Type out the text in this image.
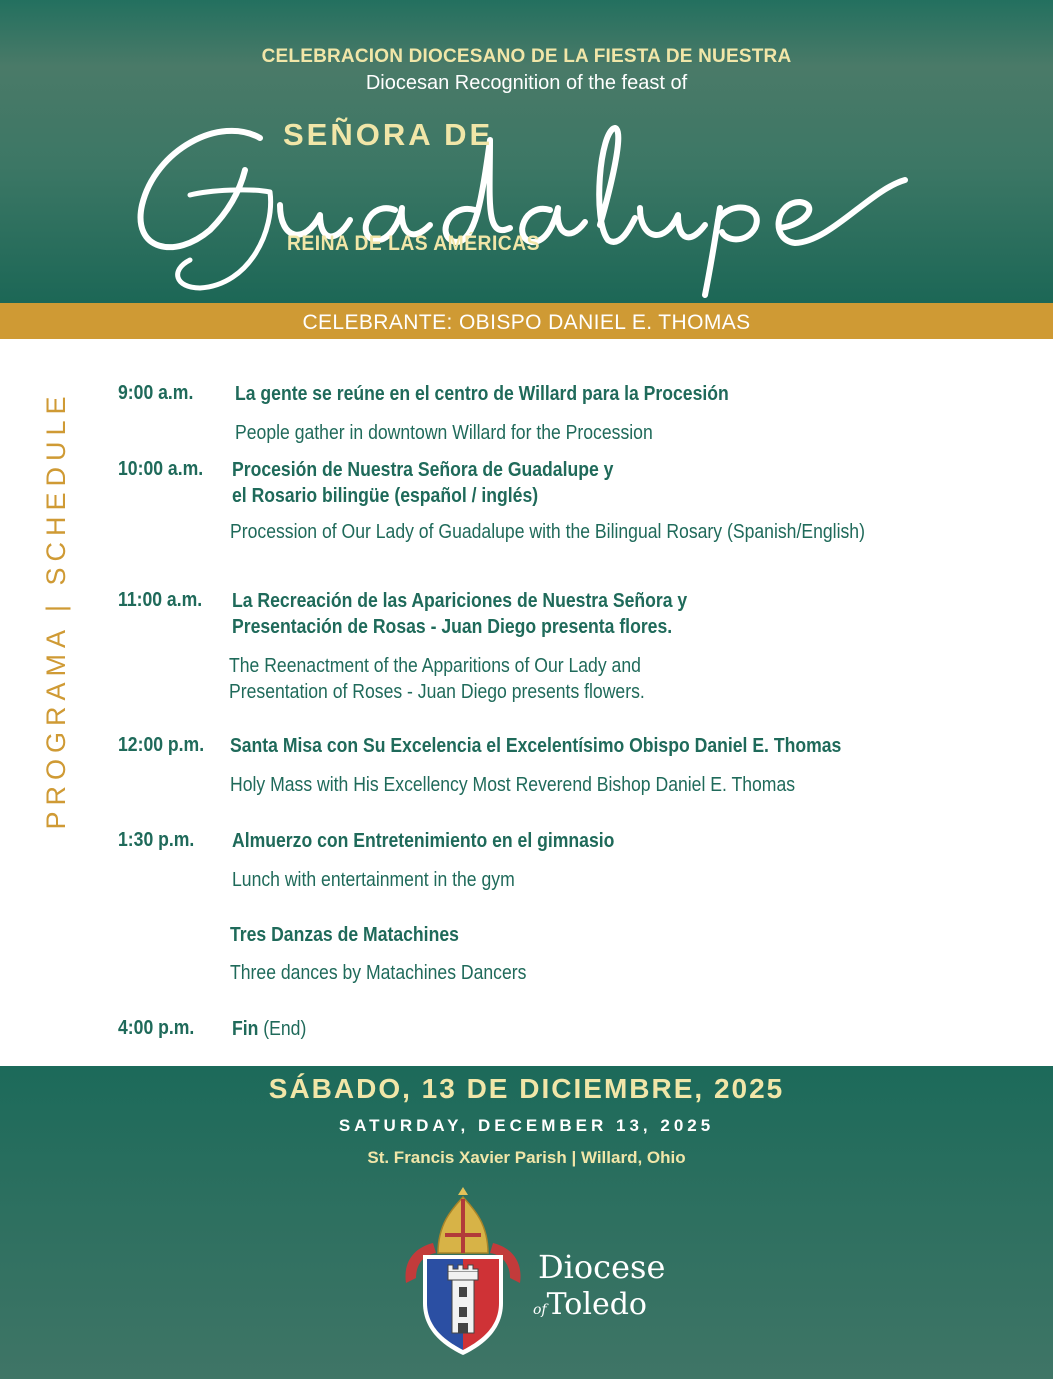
CELEBRACION DIOCESANO DE LA FIESTA DE NUESTRA
Diocesan Recognition of the feast of
SEÑORA DE
REINA DE LAS AMÉRICAS
CELEBRANTE: OBISPO DANIEL E. THOMAS
PROGRAMA | SCHEDULE	9:00 a.m. La gente se reúne en el centro de Willard para la Procesión
People gather in downtown Willard for the Procession
10:00 a.m. Procesión de Nuestra Señora de Guadalupe y
el Rosario bilingüe (español / inglés)
Procession of Our Lady of Guadalupe with the Bilingual Rosary (Spanish/English)
11:00 a.m. La Recreación de las Apariciones de Nuestra Señora y
Presentación de Rosas - Juan Diego presenta flores.
The Reenactment of the Apparitions of Our Lady and
Presentation of Roses - Juan Diego presents flowers.
12:00 p.m. Santa Misa con Su Excelencia el Excelentísimo Obispo Daniel E. Thomas
Holy Mass with His Excellency Most Reverend Bishop Daniel E. Thomas
1:30 p.m. Almuerzo con Entretenimiento en el gimnasio
Lunch with entertainment in the gym
Tres Danzas de Matachines
Three dances by Matachines Dancers
4:00 p.m. Fin (End)
SÁBADO, 13 DE DICIEMBRE, 2025
SATURDAY, DECEMBER 13, 2025
St. Francis Xavier Parish | Willard, Ohio
Diocese
ofToledo
